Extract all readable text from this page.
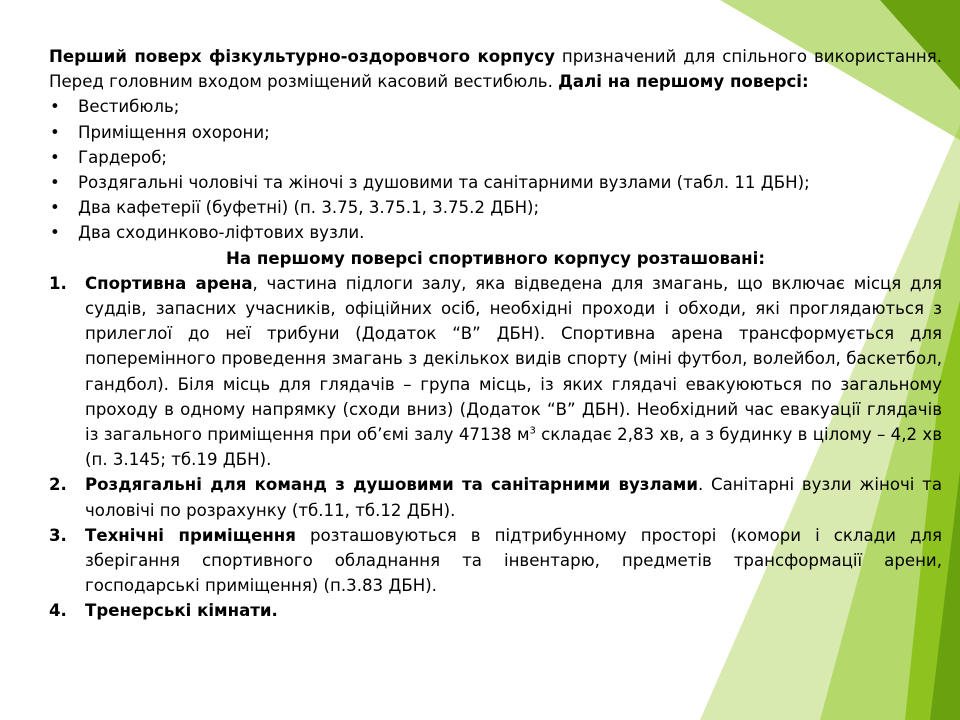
Перший поверх фізкультурно-оздоровчого корпусу призначений для спільного використання. Перед головним входом розміщений касовий вестибюль. Далі на першому поверсі:

• Вестибюль;
• Приміщення охорони;
• Гардероб;
• Роздягальні чоловічі та жіночі з душовими та санітарними вузлами (табл. 11 ДБН);
• Два кафетерії (буфетні) (п. 3.75, 3.75.1, 3.75.2 ДБН);
• Два сходинково-ліфтових вузли.

На першому поверсі спортивного корпусу розташовані:

1. Спортивна арена, частина підлоги залу, яка відведена для змагань, що включає місця для суддів, запасних учасників, офіційних осіб, необхідні проходи і обходи, які проглядаються з прилеглої до неї трибуни (Додаток “В” ДБН). Спортивна арена трансформується для поперемінного проведення змагань з декількох видів спорту (міні футбол, волейбол, баскетбол, гандбол). Біля місць для глядачів – група місць, із яких глядачі евакуюються по загальному проходу в одному напрямку (сходи вниз) (Додаток “В” ДБН). Необхідний час евакуації глядачів із загального приміщення при об’ємі залу 47138 $м^3$ складає 2,83 хв, а з будинку в цілому – 4,2 хв (п. 3.145; тб.19 ДБН).
2. Роздягальні для команд з душовими та санітарними вузлами. Санітарні вузли жіночі та чоловічі по розрахунку (тб.11, тб.12 ДБН).
3. Технічні приміщення розташовуються в підтрибунному просторі (комори і склади для зберігання спортивного обладнання та інвентарю, предметів трансформації арени, господарські приміщення) (п.3.83 ДБН).
4. Тренерські кімнати.
